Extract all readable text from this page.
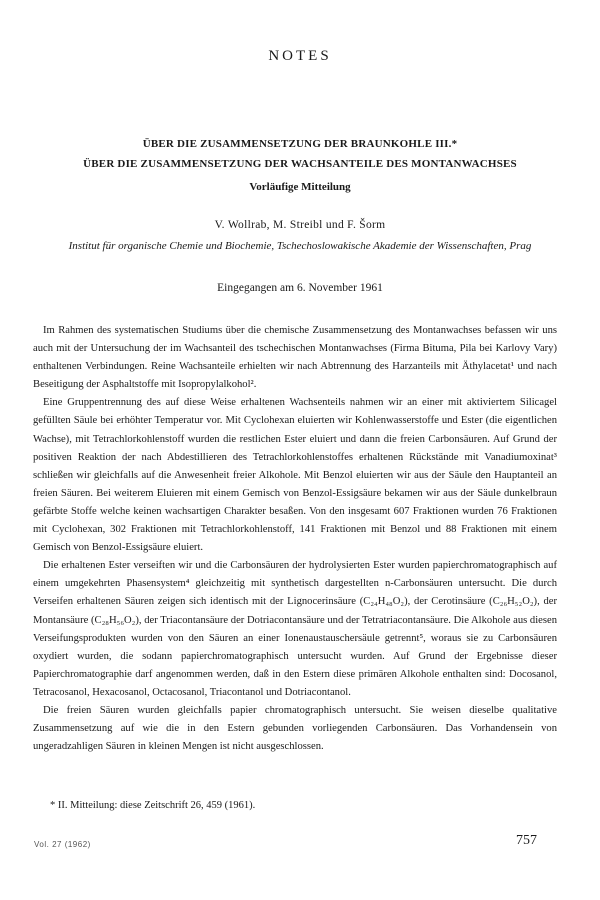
NOTES
ÜBER DIE ZUSAMMENSETZUNG DER BRAUNKOHLE III.*
ÜBER DIE ZUSAMMENSETZUNG DER WACHSANTEILE DES MONTANWACHSES
Vorläufige Mitteilung
V. Wollrab, M. Streibl und F. Šorm
Institut für organische Chemie und Biochemie, Tschechoslowakische Akademie der Wissenschaften, Prag
Eingegangen am 6. November 1961

Im Rahmen des systematischen Studiums über die chemische Zusammensetzung des Montanwachses befassen wir uns auch mit der Untersuchung der im Wachsanteil des tschechischen Montanwachses (Firma Bituma, Pila bei Karlovy Vary) enthaltenen Verbindungen. Reine Wachsanteile erhielten wir nach Abtrennung des Harzanteils mit Äthylacetat¹ und nach Beseitigung der Asphaltstoffe mit Isopropylalkohol².

Eine Gruppentrennung des auf diese Weise erhaltenen Wachsenteils nahmen wir an einer mit aktiviertem Silicagel gefüllten Säule bei erhöhter Temperatur vor. Mit Cyclohexan eluierten wir Kohlenwasserstoffe und Ester (die eigentlichen Wachse), mit Tetrachlorkohlenstoff wurden die restlichen Ester eluiert und dann die freien Carbonsäuren. Auf Grund der positiven Reaktion der nach Abdestillieren des Tetrachlorkohlenstoffes erhaltenen Rückstände mit Vanadiumoxinat³ schließen wir gleichfalls auf die Anwesenheit freier Alkohole. Mit Benzol eluierten wir aus der Säule den Hauptanteil an freien Säuren. Bei weiterem Eluieren mit einem Gemisch von Benzol-Essigsäure bekamen wir aus der Säule dunkelbraun gefärbte Stoffe welche keinen wachsartigen Charakter besaßen. Von den insgesamt 607 Fraktionen wurden 76 Fraktionen mit Cyclohexan, 302 Fraktionen mit Tetrachlorkohlenstoff, 141 Fraktionen mit Benzol und 88 Fraktionen mit einem Gemisch von Benzol-Essigsäure eluiert.

Die erhaltenen Ester verseiften wir und die Carbonsäuren der hydrolysierten Ester wurden papierchromatographisch auf einem umgekehrten Phasensystem⁴ gleichzeitig mit synthetisch dargestellten n-Carbonsäuren untersucht. Die durch Verseifen erhaltenen Säuren zeigen sich identisch mit der Lignocerinsäure (C₂₄H₄₈O₂), der Cerotinsäure (C₂₆H₅₂O₂), der Montansäure (C₂₈H₅₆O₂), der Triacontansäure der Dotriacontansäure und der Tetratriacontansäure. Die Alkohole aus diesen Verseifungsprodukten wurden von den Säuren an einer Ionenaustauschersäule getrennt⁵, woraus sie zu Carbonsäuren oxydiert wurden, die sodann papierchromatographisch untersucht wurden. Auf Grund der Ergebnisse dieser Papierchromatographie darf angenommen werden, daß in den Estern diese primären Alkohole enthalten sind: Docosanol, Tetracosanol, Hexacosanol, Octacosanol, Triacontanol und Dotriacontanol.

Die freien Säuren wurden gleichfalls papier chromatographisch untersucht. Sie weisen dieselbe qualitative Zusammensetzung auf wie die in den Estern gebunden vorliegenden Carbonsäuren. Das Vorhandensein von ungeradzahligen Säuren in kleinen Mengen ist nicht ausgeschlossen.

* II. Mitteilung: diese Zeitschrift 26, 459 (1961).
Vol. 27 (1962)	757
